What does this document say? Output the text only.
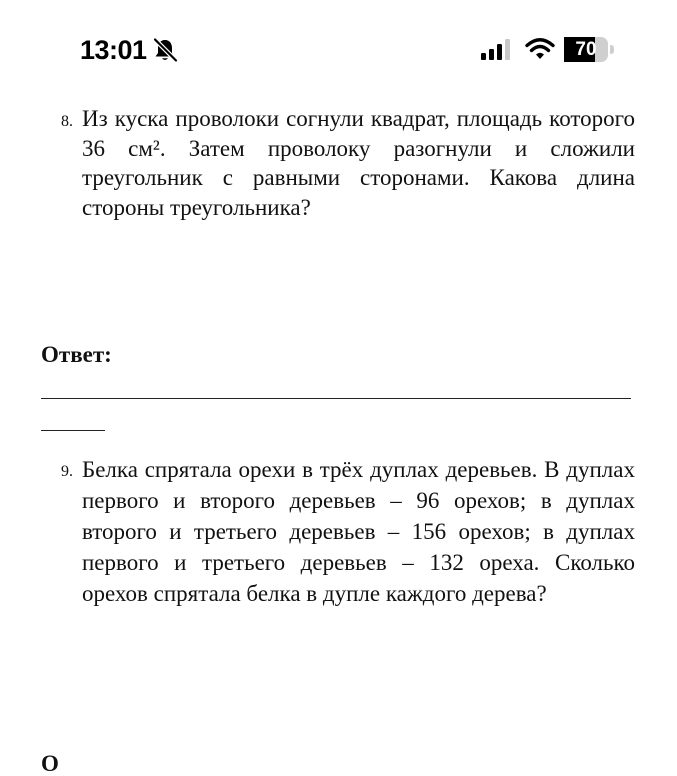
13:01	70
8. Из куска проволоки согнули квадрат, площадь которого 36 см². Затем проволоку разогнули и сложили треугольник с равными сторонами. Какова длина стороны треугольника?
Ответ:
9. Белка спрятала орехи в трёх дуплах деревьев. В дуплах первого и второго деревьев – 96 орехов; в дуплах второго и третьего деревьев – 156 орехов; в дуплах первого и третьего деревьев – 132 ореха. Сколько орехов спрятала белка в дупле каждого дерева?
О
